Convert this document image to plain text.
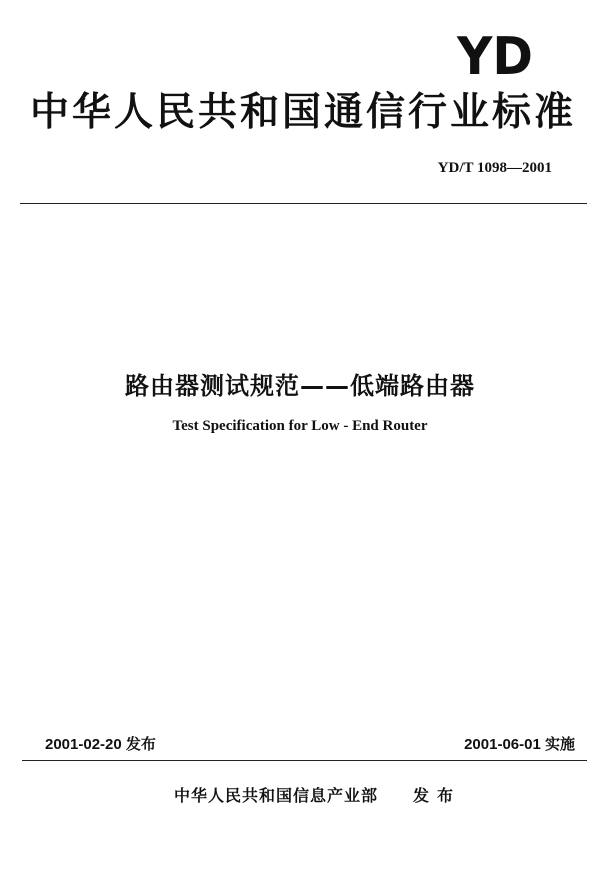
YD
中华人民共和国通信行业标准
YD/T 1098—2001
路由器测试规范——低端路由器
Test Specification for Low - End Router
2001-02-20 发布	2001-06-01 实施
中华人民共和国信息产业部 发布
